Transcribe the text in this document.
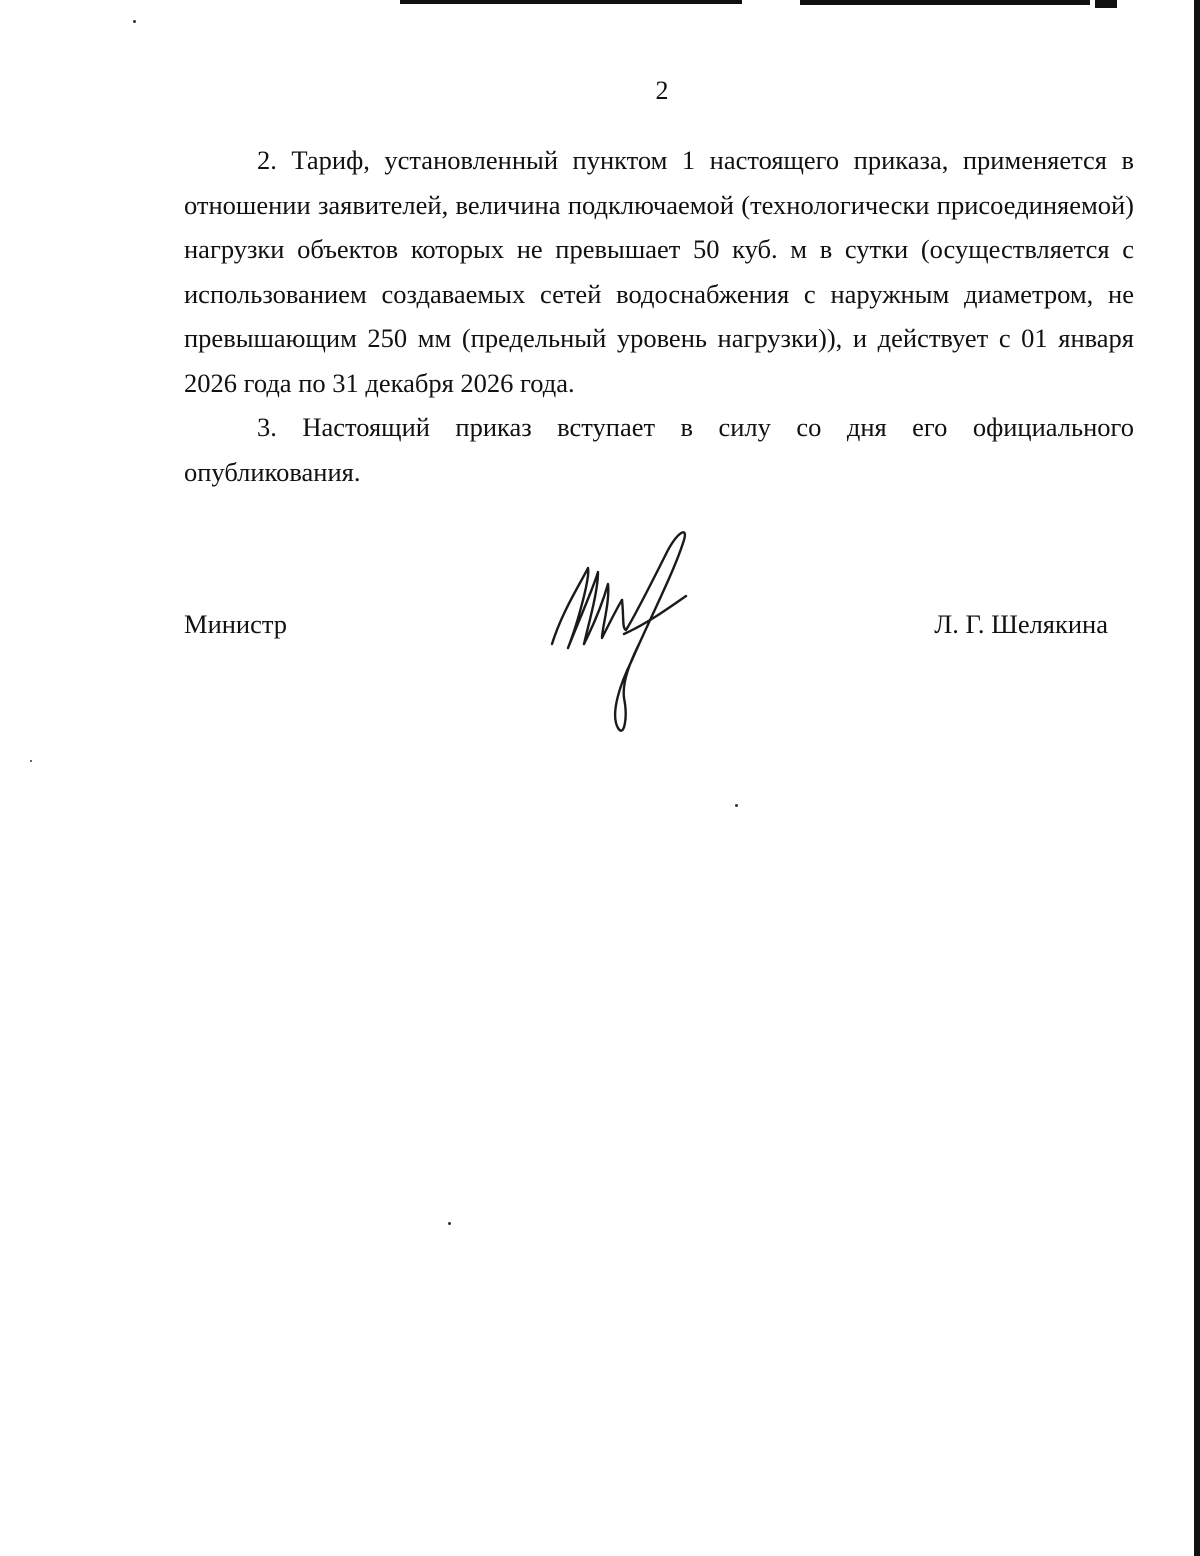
2

2. Тариф, установленный пунктом 1 настоящего приказа, применяется в отношении заявителей, величина подключаемой (технологически присоединяемой) нагрузки объектов которых не превышает 50 куб. м в сутки (осуществляется с использованием создаваемых сетей водоснабжения с наружным диаметром, не превышающим 250 мм (предельный уровень нагрузки)), и действует с 01 января 2026 года по 31 декабря 2026 года.

3. Настоящий приказ вступает в силу со дня его официального опубликования.

Министр	Л. Г. Шелякина
